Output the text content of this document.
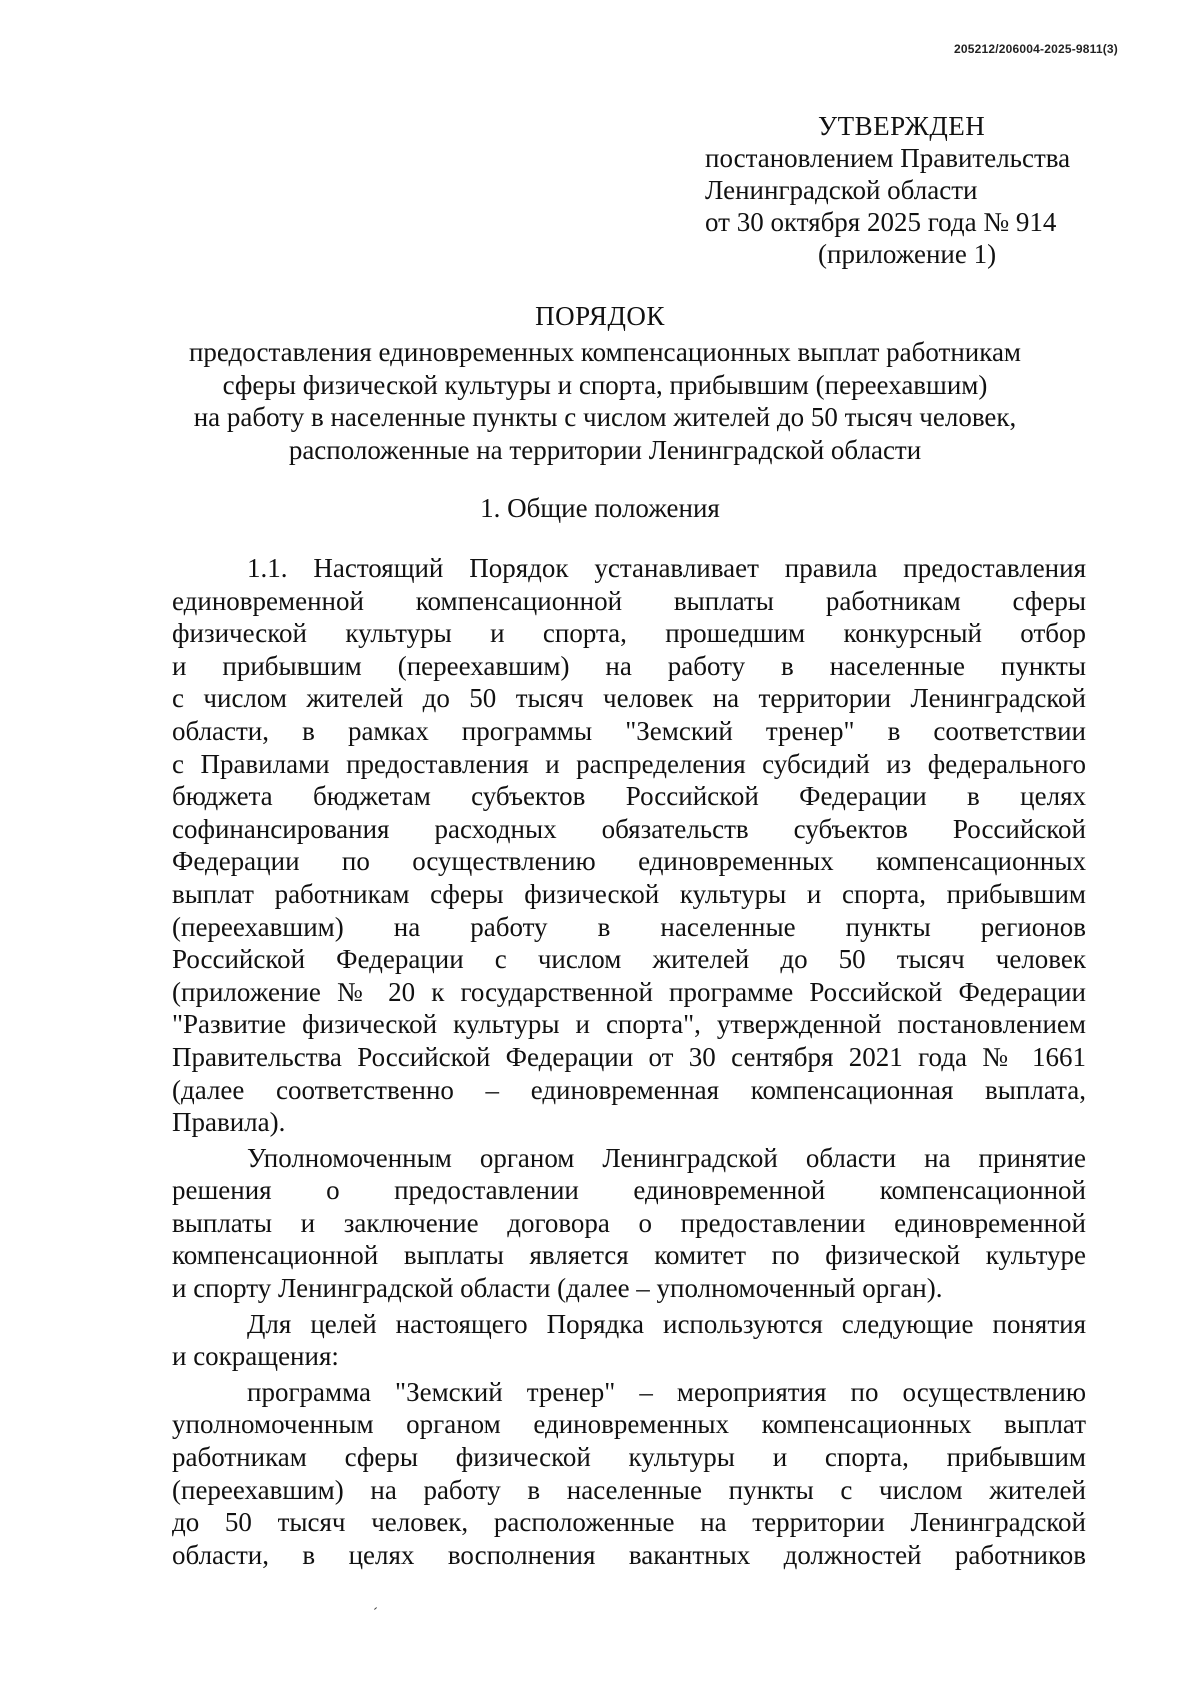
205212/206004-2025-9811(3)
УТВЕРЖДЕН
постановлением Правительства
Ленинградской области
от 30 октября 2025 года № 914
(приложение 1)
ПОРЯДОК
предоставления единовременных компенсационных выплат работникам
сферы физической культуры и спорта, прибывшим (переехавшим)
на работу в населенные пункты с числом жителей до 50 тысяч человек,
расположенные на территории Ленинградской области
1. Общие положения

1.1. Настоящий Порядок устанавливает правила предоставления
единовременной компенсационной выплаты работникам сферы
физической культуры и спорта, прошедшим конкурсный отбор
и прибывшим (переехавшим) на работу в населенные пункты
с числом жителей до 50 тысяч человек на территории Ленинградской
области, в рамках программы "Земский тренер" в соответствии
с Правилами предоставления и распределения субсидий из федерального
бюджета бюджетам субъектов Российской Федерации в целях
софинансирования расходных обязательств субъектов Российской
Федерации по осуществлению единовременных компенсационных
выплат работникам сферы физической культуры и спорта, прибывшим
(переехавшим) на работу в населенные пункты регионов
Российской Федерации с числом жителей до 50 тысяч человек
(приложение № 20 к государственной программе Российской Федерации
"Развитие физической культуры и спорта", утвержденной постановлением
Правительства Российской Федерации от 30 сентября 2021 года № 1661
(далее соответственно – единовременная компенсационная выплата,
Правила).

Уполномоченным органом Ленинградской области на принятие
решения о предоставлении единовременной компенсационной
выплаты и заключение договора о предоставлении единовременной
компенсационной выплаты является комитет по физической культуре
и спорту Ленинградской области (далее – уполномоченный орган).

Для целей настоящего Порядка используются следующие понятия
и сокращения:

программа "Земский тренер" – мероприятия по осуществлению
уполномоченным органом единовременных компенсационных выплат
работникам сферы физической культуры и спорта, прибывшим
(переехавшим) на работу в населенные пункты с числом жителей
до 50 тысяч человек, расположенные на территории Ленинградской
области, в целях восполнения вакантных должностей работников
